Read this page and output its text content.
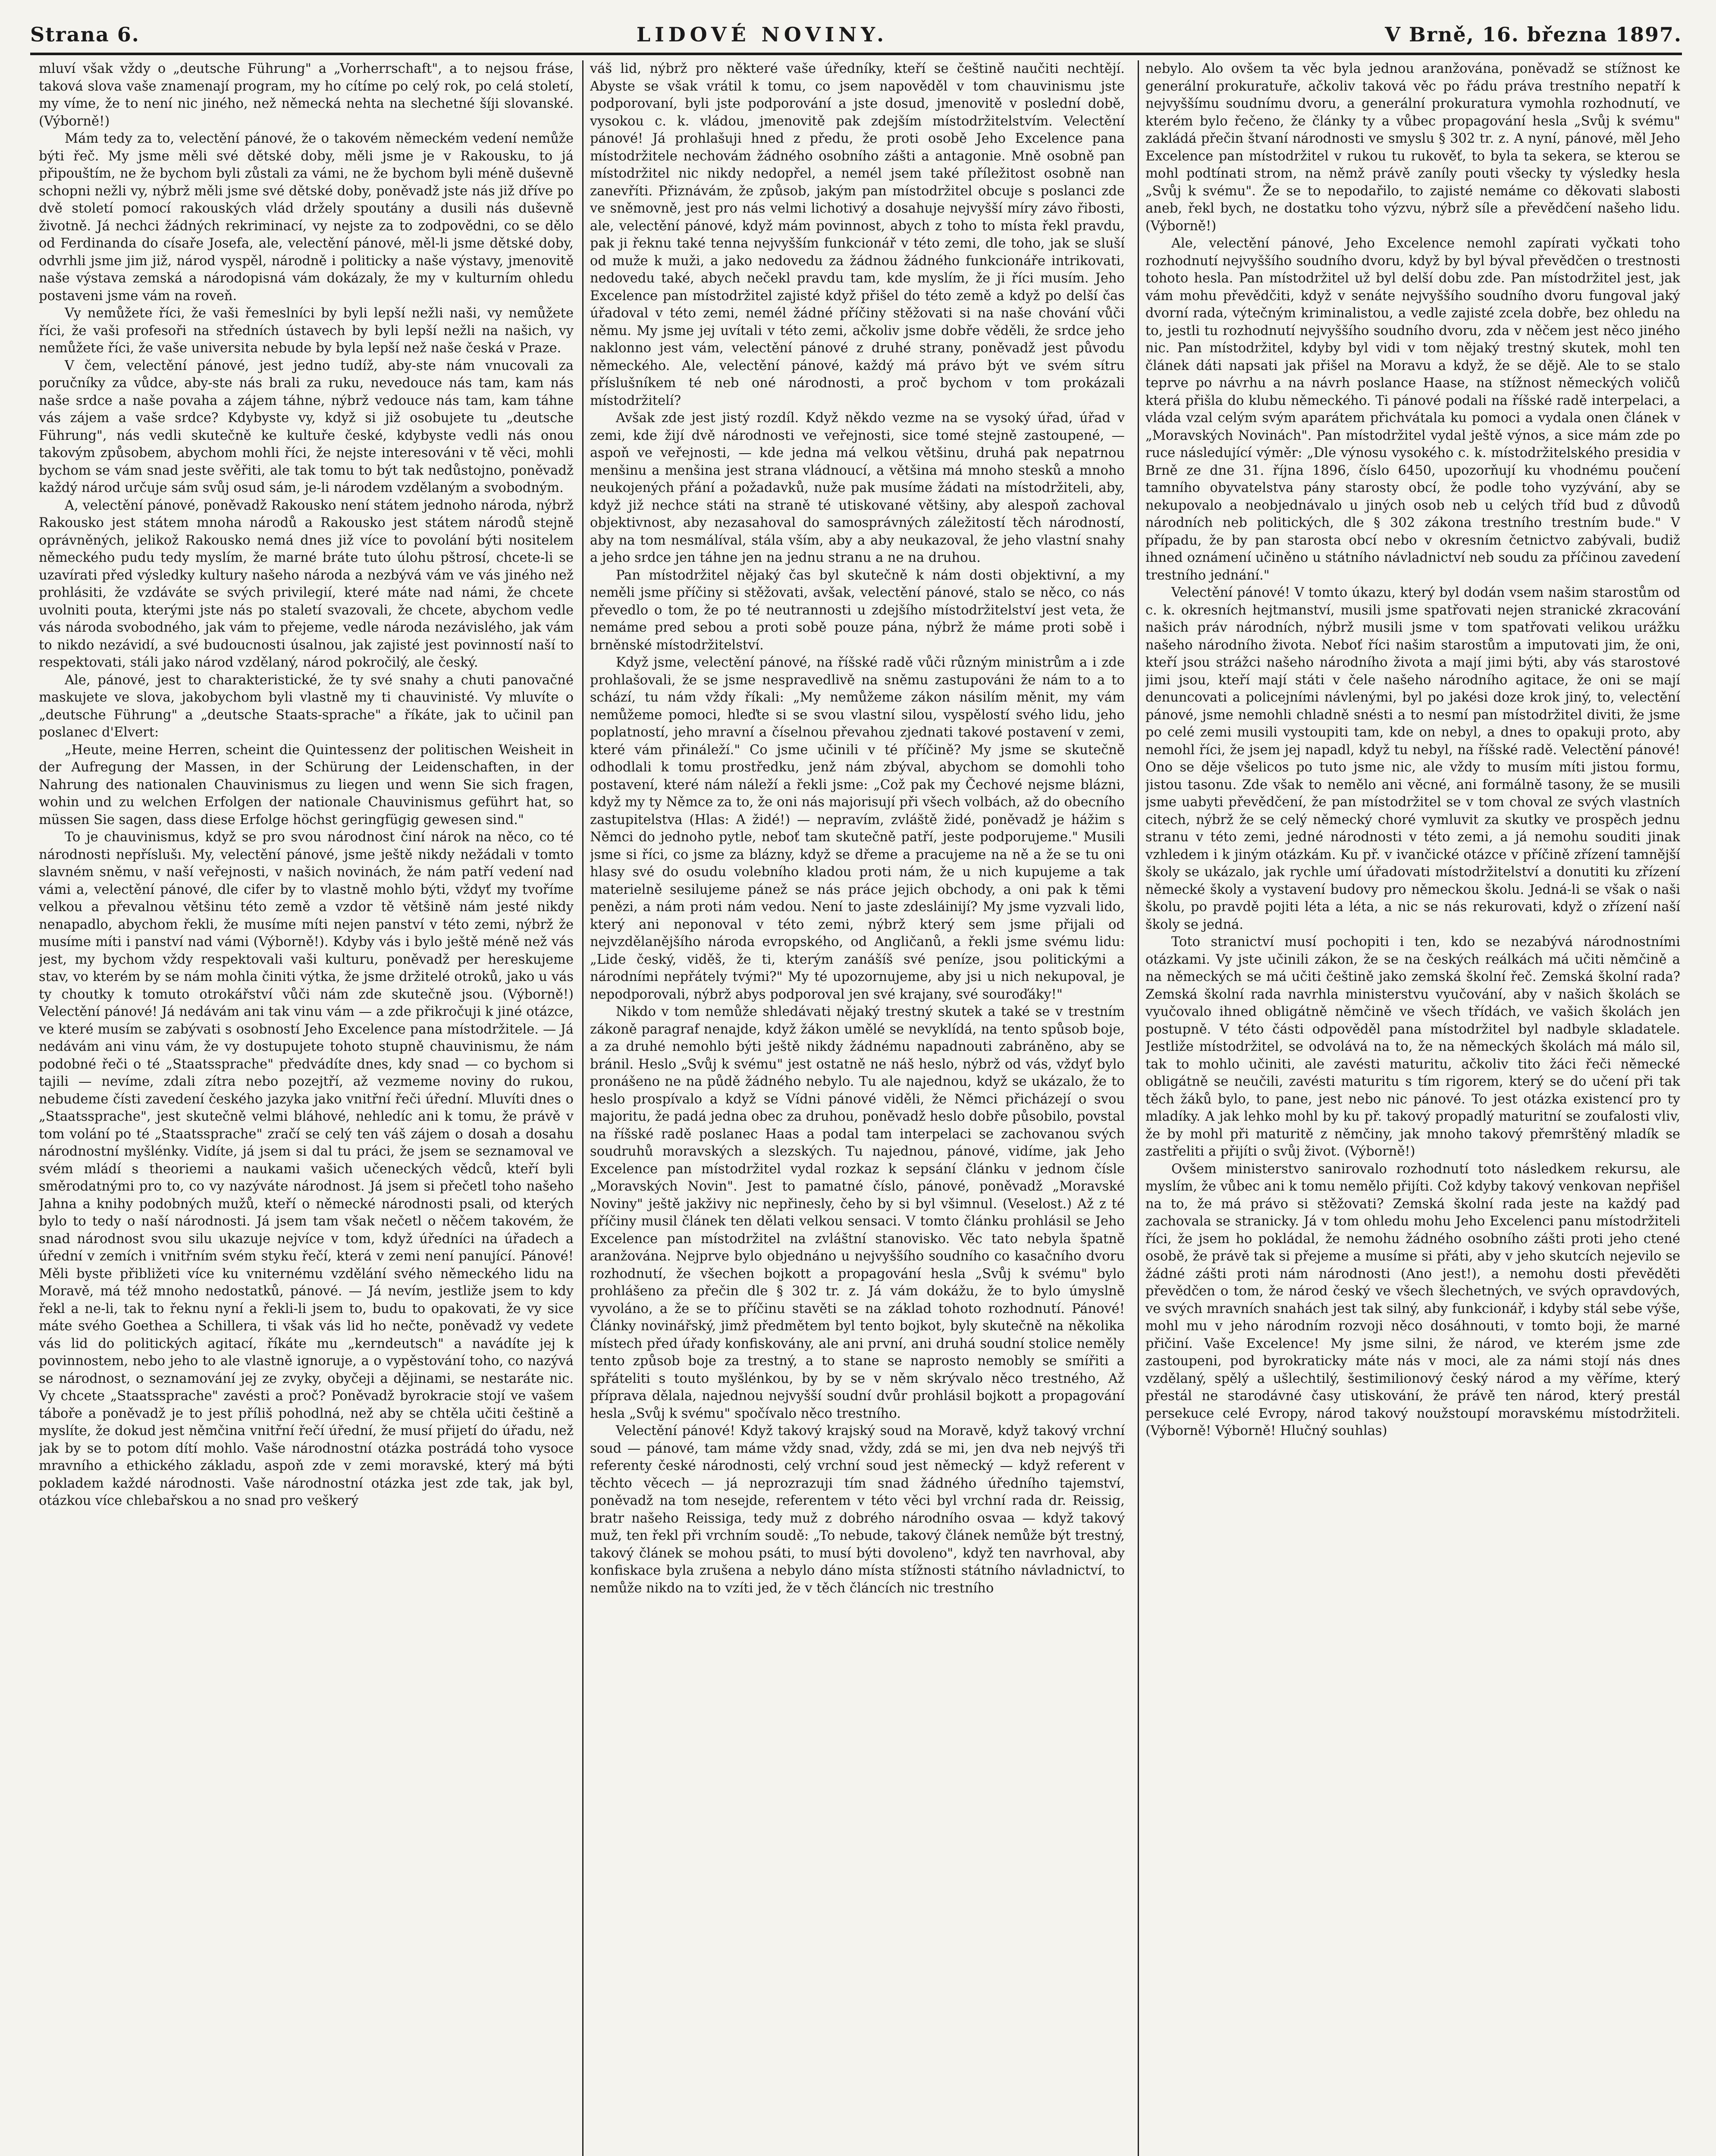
Strana 6.	LIDOVÉ NOVINY.	V Brně, 16. března 1897.

mluví však vždy o „deutsche Führung" a „Vorherrschaft", a to nejsou fráse, taková slova vaše znamenají program, my ho cítíme po celý rok, po celá století, my víme, že to není nic jiného, než německá nehta na slechetné šíji slovanské. (Výborně!)

Mám tedy za to, velectění pánové, že o takovém německém vedení nemůže býti řeč. My jsme měli své dětské doby, měli jsme je v Rakousku, to já připouštím, ne že bychom byli zůstali za vámi, ne že bychom byli méně duševně schopni nežli vy, nýbrž měli jsme své dětské doby, poněvadž jste nás již dříve po dvě století pomocí rakouských vlád držely spoutány a dusili nás duševně životně. Já nechci žádných rekriminací, vy nejste za to zodpovědni, co se dělo od Ferdinanda do císaře Josefa, ale, velectění pánové, měl-li jsme dětské doby, odvrhli jsme jim již, národ vyspěl, národně i politicky a naše výstavy, jmenovitě naše výstava zemská a národopisná vám dokázaly, že my v kulturním ohledu postaveni jsme vám na roveň.

Vy nemůžete říci, že vaši řemeslníci by byli lepší nežli naši, vy nemůžete říci, že vaši profesoři na středních ústavech by byli lepší nežli na našich, vy nemůžete říci, že vaše universita nebude by byla lepší než naše česká v Praze.

V čem, velectění pánové, jest jedno tudíž, aby-ste nám vnucovali za poručníky za vůdce, aby-ste nás brali za ruku, nevedouce nás tam, kam nás naše srdce a naše povaha a zájem táhne, nýbrž vedouce nás tam, kam táhne vás zájem a vaše srdce? Kdybyste vy, když si již osobujete tu „deutsche Führung", nás vedli skutečně ke kultuře české, kdybyste vedli nás onou takovým způsobem, abychom mohli říci, že nejste interesováni v tě věci, mohli bychom se vám snad jeste svěřiti, ale tak tomu to být tak nedůstojno, poněvadž každý národ určuje sám svůj osud sám, je-li národem vzdělaným a svobodným.

A, velectění pánové, poněvadž Rakousko není státem jednoho národa, nýbrž Rakousko jest státem mnoha národů a Rakousko jest státem národů stejně oprávněných, jelikož Rakousko nemá dnes již více to povolání býti nositelem německého pudu tedy myslím, že marné bráte tuto úlohu pštrosí, chcete-li se uzavírati před výsledky kultury našeho národa a nezbývá vám ve vás jiného než prohlásiti, že vzdáváte se svých privilegií, které máte nad námi, že chcete uvolniti pouta, kterými jste nás po staletí svazovali, že chcete, abychom vedle vás národa svobodného, jak vám to přejeme, vedle národa nezávislého, jak vám to nikdo nezávidí, a své budoucnosti úsalnou, jak zajisté jest povinností naší to respektovati, stáli jako národ vzdělaný, národ pokročilý, ale český.

Ale, pánové, jest to charakteristické, že ty své snahy a chuti panovačné maskujete ve slova, jakobychom byli vlastně my ti chauvinisté. Vy mluvíte o „deutsche Führung" a „deutsche Staats-sprache" a říkáte, jak to učinil pan poslanec d'Elvert:

„Heute, meine Herren, scheint die Quintessenz der politischen Weisheit in der Aufregung der Massen, in der Schürung der Leidenschaften, in der Nahrung des nationalen Chauvinismus zu liegen und wenn Sie sich fragen, wohin und zu welchen Erfolgen der nationale Chauvinismus geführt hat, so müssen Sie sagen, dass diese Erfolge höchst geringfügig gewesen sind."

To je chauvinismus, když se pro svou národnost činí nárok na něco, co té národnosti nepříslušı. My, velectění pánové, jsme ještě nikdy nežádali v tomto slavném sněmu, v naší veřejnosti, v našich novinách, že nám patří vedení nad vámi a, velectění pánové, dle cifer by to vlastně mohlo býti, vždyť my tvoříme velkou a převalnou většinu této země a vzdor tě většině nám jesté nikdy nenapadlo, abychom řekli, že musíme míti nejen panství v této zemi, nýbrž že musíme míti i panství nad vámi (Výborně!). Kdyby vás i bylo ještě méně než vás jest, my bychom vždy respektovali vaši kulturu, poněvadž per hereskujeme stav, vo kterém by se nám mohla činiti výtka, že jsme držitelé otroků, jako u vás ty choutky k tomuto otrokářství vůči nám zde skutečně jsou. (Výborně!) Velectění pánové! Já nedávám ani tak vinu vám — a zde přikročuji k jiné otázce, ve které musím se zabývati s osobností Jeho Excelence pana místodržitele. — Já nedávám ani vinu vám, že vy dostupujete tohoto stupně chauvinismu, že nám podobné řeči o té „Staatssprache" předvádíte dnes, kdy snad — co bychom si tajili — nevíme, zdali zítra nebo pozejtří, až vezmeme noviny do rukou, nebudeme čísti zavedení českého jazyka jako vnitřní řeči úřední. Mluvíti dnes o „Staatssprache", jest skutečně velmi bláhové, nehledíc ani k tomu, že právě v tom volání po té „Staatssprache" zračí se celý ten váš zájem o dosah a dosahu národnostní myšlénky. Vidíte, já jsem si dal tu práci, že jsem se seznamoval ve svém mládí s theoriemi a naukami vašich učeneckých vědců, kteří byli směrodatnými pro to, co vy nazýváte národnost. Já jsem si přečetl toho našeho Jahna a knihy podobných mužů, kteří o německé národnosti psali, od kterých bylo to tedy o naší národnosti. Já jsem tam však nečetl o něčem takovém, že snad národnost svou silu ukazuje nejvíce v tom, když úředníci na úřadech a úřední v zemích i vnitřním svém styku řečí, která v zemi není panující. Pánové! Měli byste přibližeti více ku vniternému vzdělání svého německého lidu na Moravě, má též mnoho nedostatků, pánové. — Já nevím, jestliže jsem to kdy řekl a ne-li, tak to řeknu nyní a řekli-li jsem to, budu to opakovati, že vy sice máte svého Goethea a Schillera, ti však vás lid ho nečte, poněvadž vy vedete vás lid do politických agitací, říkáte mu „kerndeutsch" a navádíte jej k povinnostem, nebo jeho to ale vlastně ignoruje, a o vypěstování toho, co nazývá se národnost, o seznamování jej ze zvyky, obyčeji a dějinami, se nestaráte nic. Vy chcete „Staatssprache" zavésti a proč? Poněvadž byrokracie stojí ve vašem táboře a poněvadž je to jest příliš pohodlná, než aby se chtěla učiti češtině a myslíte, že dokud jest němčina vnitřní řečí úřední, že musí přijetí do úřadu, než jak by se to potom dítí mohlo. Vaše národnostní otázka postrádá toho vysoce mravního a ethického základu, aspoň zde v zemi moravské, který má býti pokladem každé národnosti. Vaše národnostní otázka jest zde tak, jak byl, otázkou více chlebařskou a no snad pro veškerý

váš lid, nýbrž pro některé vaše úředníky, kteří se češtině naučiti nechtějí. Abyste se však vrátil k tomu, co jsem napověděl v tom chauvinismu jste podporovaní, byli jste podporování a jste dosud, jmenovitě v poslední době, vysokou c. k. vládou, jmenovitě pak zdejším místodržitelstvím. Velectění pánové! Já prohlašuji hned z předu, že proti osobě Jeho Excelence pana místodržitele nechovám žádného osobního zášti a antagonie. Mně osobně pan místodržitel nic nikdy nedopřel, a nemél jsem také příležitost osobně nan zanevříti. Přiznávám, že způsob, jakým pan místodržitel obcuje s poslanci zde ve sněmovně, jest pro nás velmi lichotivý a dosahuje nejvyšší míry závo řibosti, ale, velectění pánové, když mám povinnost, abych z toho to místa řekl pravdu, pak ji řeknu také tenna nejvyšším funkcionář v této zemi, dle toho, jak se sluší od muže k muži, a jako nedovedu za žádnou žádného funkcionáře intrikovati, nedovedu také, abych nečekl pravdu tam, kde myslím, že ji říci musím. Jeho Excelence pan místodržitel zajisté když přišel do této země a když po delší čas úřadoval v této zemi, nemél žádné příčiny stěžovati si na naše chování vůči němu. My jsme jej uvítali v této zemi, ačkoliv jsme dobře věděli, že srdce jeho naklonno jest vám, velectění pánové z druhé strany, poněvadž jest původu německého. Ale, velectění pánové, každý má právo být ve svém sítru příslušníkem té neb oné národnosti, a proč bychom v tom prokázali místodržitelí?

Avšak zde jest jistý rozdíl. Když někdo vezme na se vysoký úřad, úřad v zemi, kde žijí dvě národnosti ve veřejnosti, sice tomé stejně zastoupené, — aspoň ve veřejnosti, — kde jedna má velkou většinu, druhá pak nepatrnou menšinu a menšina jest strana vládnoucí, a většina má mnoho stesků a mnoho neukojených přání a požadavků, nuže pak musíme žádati na místodržiteli, aby, když již nechce státi na straně té utiskované většiny, aby alespoň zachoval objektivnost, aby nezasahoval do samosprávných záležitostí těch národností, aby na tom nesmálíval, stála vším, aby a aby neukazoval, že jeho vlastní snahy a jeho srdce jen táhne jen na jednu stranu a ne na druhou.

Pan místodržitel nějaký čas byl skutečně k nám dosti objektivní, a my neměli jsme příčiny si stěžovati, avšak, velectění pánové, stalo se něco, co nás převedlo o tom, že po té neutrannosti u zdejšího místodržitelství jest veta, že nemáme pred sebou a proti sobě pouze pána, nýbrž že máme proti sobě i brněnské místodržitelství.

Když jsme, velectění pánové, na říšské radě vůči různým ministrům a i zde prohlašovali, že se jsme nespravedlivě na sněmu zastupováni že nám to a to schází, tu nám vždy říkali: „My nemůžeme zákon násilím měnit, my vám nemůžeme pomoci, hleďte si se svou vlastní silou, vyspělostí svého lidu, jeho poplatností, jeho mravní a číselnou převahou zjednati takové postavení v zemi, které vám přináleží." Co jsme učinili v té příčině? My jsme se skutečně odhodlali k tomu prostředku, jenž nám zbýval, abychom se domohli toho postavení, které nám náleží a řekli jsme: „Což pak my Čechové nejsme blázni, když my ty Němce za to, že oni nás majorisují při všech volbách, až do obecního zastupitelstva (Hlas: A židé!) — nepravím, zvláště židé, poněvadž je hážim s Němci do jednoho pytle, neboť tam skutečně patří, jeste podporujeme." Musili jsme si říci, co jsme za blázny, když se dřeme a pracujeme na ně a že se tu oni hlasy své do osudu volebního kladou proti nám, že u nich kupujeme a tak materielně sesilujeme pánež se nás práce jejich obchody, a oni pak k těmi penězi, a nám proti nám vedou. Není to jaste zdesláinijí? My jsme vyzvali lido, který ani neponoval v této zemi, nýbrž který sem jsme přijali od nejvzdělanějšího národa evropského, od Angličanů, a řekli jsme svému lidu: „Lide český, viděš, že ti, kterým zanášíš své peníze, jsou politickými a národními nepřátely tvými?" My té upozornujeme, aby jsi u nich nekupoval, je nepodporovali, nýbrž abys podporoval jen své krajany, své souroďáky!"

Nikdo v tom nemůže shledávati nějaký trestný skutek a také se v trestním zákoně paragraf nenajde, když žákon umělé se nevyklídá, na tento spůsob boje, a za druhé nemohlo býti ještě nikdy žádnému napadnouti zabráněno, aby se bránil. Heslo „Svůj k svému" jest ostatně ne náš heslo, nýbrž od vás, vždyť bylo pronášeno ne na půdě žádného nebylo. Tu ale najednou, když se ukázalo, že to heslo prospívalo a když se Vídni pánové viděli, že Němci přicházejí o svou majoritu, že padá jedna obec za druhou, poněvadž heslo dobře působilo, povstal na říšské radě poslanec Haas a podal tam interpelaci se zachovanou svých soudruhů moravských a slezských. Tu najednou, pánové, vidíme, jak Jeho Excelence pan místodržitel vydal rozkaz k sepsání článku v jednom čísle „Moravských Novin". Jest to pamatné číslo, pánové, poněvadž „Moravské Noviny" ještě jakživy nic nepřinesly, čeho by si byl všimnul. (Veselost.) Až z té příčiny musil článek ten dělati velkou sensaci. V tomto článku prohlásil se Jeho Excelence pan místodržitel na zvláštní stanovisko. Věc tato nebyla špatně aranžována. Nejprve bylo objednáno u nejvyššího soudního co kasačního dvoru rozhodnutí, že všechen bojkott a propagování hesla „Svůj k svému" bylo prohlášeno za přečin dle § 302 tr. z. Já vám dokážu, že to bylo úmyslně vyvoláno, a že se to příčinu stavěti se na základ tohoto rozhodnutí. Pánové! Články novinářský, jimž předmětem byl tento bojkot, byly skutečně na několika místech před úřady konfiskovány, ale ani první, ani druhá soudní stolice neměly tento způsob boje za trestný, a to stane se naprosto nemobly se smířiti a spřáteliti s touto myšlénkou, by by se v něm skrývalo něco trestného, Až příprava dělala, najednou nejvyšší soudní dvůr prohlásil bojkott a propagování hesla „Svůj k svému" spočívalo něco trestního.

Velectění pánové! Když takový krajský soud na Moravě, když takový vrchní soud — pánové, tam máme vždy snad, vždy, zdá se mi, jen dva neb nejvýš tři referenty české národnosti, celý vrchní soud jest německý — když referent v těchto věcech — já neprozrazuji tím snad žádného úředního tajemství, poněvadž na tom nesejde, referentem v této věci byl vrchní rada dr. Reissig, bratr našeho Reissiga, tedy muž z dobrého národního osvaa — když takový muž, ten řekl při vrchním soudě: „To nebude, takový článek nemůže být trestný, takový článek se mohou psáti, to musí býti dovoleno", když ten navrhoval, aby konfiskace byla zrušena a nebylo dáno místa stížnosti státního návladnictví, to nemůže nikdo na to vzíti jed, že v těch článcích nic trestního

nebylo. Alo ovšem ta věc byla jednou aranžována, poněvadž se stížnost ke generální prokuratuře, ačkoliv taková věc po řádu práva trestního nepatří k nejvyššímu soudnímu dvoru, a generální prokuratura vymohla rozhodnutí, ve kterém bylo řečeno, že články ty a vůbec propagování hesla „Svůj k svému" zakládá přečin štvaní národnosti ve smyslu § 302 tr. z. A nyní, pánové, měl Jeho Excelence pan místodržitel v rukou tu rukověť, to byla ta sekera, se kterou se mohl podtínati strom, na němž právě zaníly pouti všecky ty výsledky hesla „Svůj k svému". Že se to nepodařilo, to zajisté nemáme co děkovati slabosti aneb, řekl bych, ne dostatku toho výzvu, nýbrž síle a převědčení našeho lidu. (Výborně!)

Ale, velectění pánové, Jeho Excelence nemohl zapírati vyčkati toho rozhodnutí nejvyššího soudního dvoru, když by byl býval převědčen o trestnosti tohoto hesla. Pan místodržitel už byl delší dobu zde. Pan místodržitel jest, jak vám mohu převědčiti, když v senáte nejvyššího soudního dvoru fungoval jaký dvorní rada, výtečným kriminalistou, a vedle zajisté zcela dobře, bez ohledu na to, jestli tu rozhodnutí nejvyššího soudního dvoru, zda v něčem jest něco jiného nic. Pan místodržitel, kdyby byl vidi v tom nějaký trestný skutek, mohl ten článek dáti napsati jak přišel na Moravu a když, že se dějě. Ale to se stalo teprve po návrhu a na návrh poslance Haase, na stížnost německých voličů která přišla do klubu německého. Ti pánové podali na říšské radě interpelaci, a vláda vzal celým svým aparátem přichvátala ku pomoci a vydala onen článek v „Moravských Novinách". Pan místodržitel vydal ještě výnos, a sice mám zde po ruce následující výměr: „Dle výnosu vysokého c. k. místodržitelského presidia v Brně ze dne 31. října 1896, číslo 6450, upozorňují ku vhodnému poučení tamního obyvatelstva pány starosty obcí, že podle toho vyzývání, aby se nekupovalo a neobjednávalo u jiných osob neb u celých tříd bud z důvodů národních neb politických, dle § 302 zákona trestního trestním bude." V případu, že by pan starosta obcí nebo v okresním četnictvo zabývali, budiž ihned oznámení učiněno u státního návladnictví neb soudu za příčinou zavedení trestního jednání."

Velectění pánové! V tomto úkazu, který byl dodán vsem našim starostům od c. k. okresních hejtmanství, musili jsme spatřovati nejen stranické zkracování našich práv národních, nýbrž musili jsme v tom spatřovati velikou urážku našeho národního života. Neboť říci našim starostům a imputovati jim, že oni, kteří jsou strážci našeho národního života a mají jimi býti, aby vás starostové jimi jsou, kteří mají státi v čele našeho národního agitace, že oni se mají denuncovati a policejními návlenými, byl po jakési doze krok jiný, to, velectění pánové, jsme nemohli chladně snésti a to nesmí pan místodržitel diviti, že jsme po celé zemi musili vystoupiti tam, kde on nebyl, a dnes to opakuji proto, aby nemohl říci, že jsem jej napadl, když tu nebyl, na říšské radě. Velectění pánové! Ono se děje všelicos po tuto jsme nic, ale vždy to musím míti jistou formu, jistou tasonu. Zde však to nemělo ani věcné, ani formálně tasony, že se musili jsme uabyti převědčení, že pan místodržitel se v tom choval ze svých vlastních citech, nýbrž že se celý německý choré vymluvit za skutky ve prospěch jednu stranu v této zemi, jedné národnosti v této zemi, a já nemohu souditi jinak vzhledem i k jiným otázkám. Ku př. v ivančické otázce v příčině zřízení tamnější školy se ukázalo, jak rychle umí úřadovati místodržitelství a donutiti ku zřízení německé školy a vystavení budovy pro německou školu. Jedná-li se však o naši školu, po pravdě pojiti léta a léta, a nic se nás rekurovati, když o zřízení naší školy se jedná.

Toto stranictví musí pochopiti i ten, kdo se nezabývá národnostními otázkami. Vy jste učinili zákon, že se na českých reálkách má učiti němčině a na německých se má učiti češtině jako zemská školní řeč. Zemská školní rada? Zemská školní rada navrhla ministerstvu vyučování, aby v našich školách se vyučovalo ihned obligátně němčině ve všech třídách, ve vašich školách jen postupně. V této části odpověděl pana místodržitel byl nadbyle skladatele. Jestliže místodržitel, se odvolává na to, že na německých školách má málo sil, tak to mohlo učiniti, ale zavésti maturitu, ačkoliv tito žáci řeči německé obligátně se neučili, zavésti maturitu s tím rigorem, který se do učení při tak těch žáků bylo, to pane, jest nebo nic pánové. To jest otázka existencí pro ty mladíky. A jak lehko mohl by ku př. takový propadlý maturitní se zoufalosti vliv, že by mohl při maturitě z němčiny, jak mnoho takový přemrštěný mladík se zastřeliti a přijíti o svůj život. (Výborně!)

Ovšem ministerstvo sanirovalo rozhodnutí toto následkem rekursu, ale myslím, že vůbec ani k tomu nemělo přijíti. Což kdyby takový venkovan nepřišel na to, že má právo si stěžovati? Zemská školní rada jeste na každý pad zachovala se stranicky. Já v tom ohledu mohu Jeho Excelenci panu místodržiteli říci, že jsem ho pokládal, že nemohu žádného osobního zášti proti jeho ctené osobě, že právě tak si přejeme a musíme si přáti, aby v jeho skutcích nejevilo se žádné zášti proti nám národnosti (Ano jest!), a nemohu dosti převěděti převědčen o tom, že národ český ve všech šlechetných, ve svých opravdových, ve svých mravních snahách jest tak silný, aby funkcionář, i kdyby stál sebe výše, mohl mu v jeho národním rozvoji něco dosáhnouti, v tomto boji, že marné přičiní. Vaše Excelence! My jsme silni, že národ, ve kterém jsme zde zastoupeni, pod byrokraticky máte nás v moci, ale za námi stojí nás dnes vzdělaný, spělý a ušlechtilý, šestimilionový český národ a my věříme, který přestál ne starodávné časy utiskování, že právě ten národ, který prestál persekuce celé Evropy, národ takový noužstoupí moravskému místodržiteli. (Výborně! Výborně! Hlučný souhlas)
